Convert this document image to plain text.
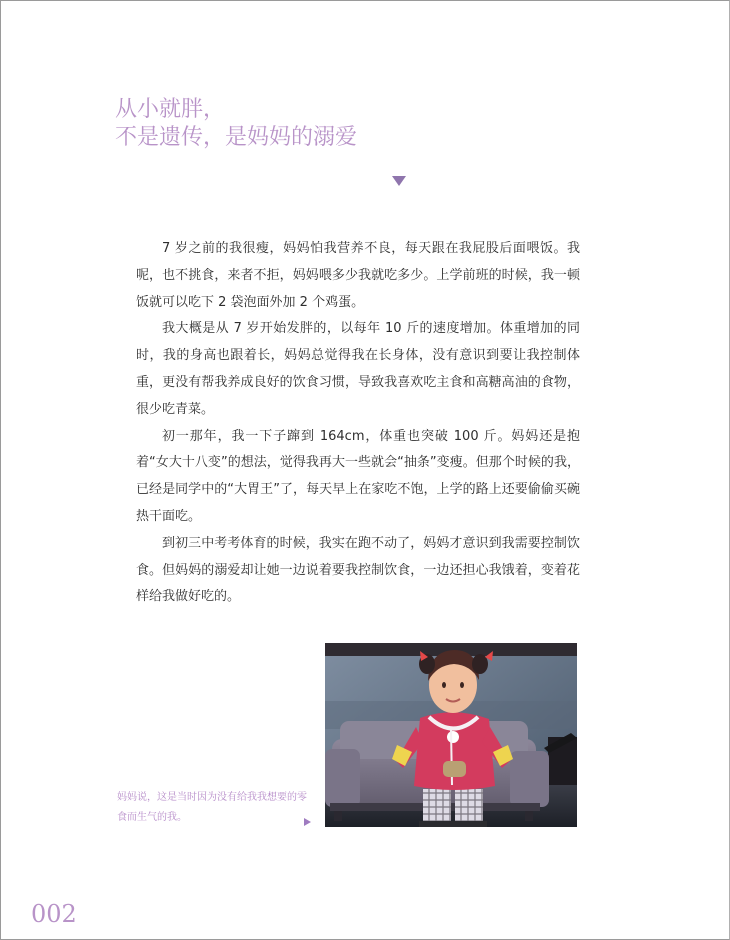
从小就胖，
不是遗传，是妈妈的溺爱

7 岁之前的我很瘦，妈妈怕我营养不良，每天跟在我屁股后面喂饭。我呢，也不挑食，来者不拒，妈妈喂多少我就吃多少。上学前班的时候，我一顿饭就可以吃下 2 袋泡面外加 2 个鸡蛋。

我大概是从 7 岁开始发胖的，以每年 10 斤的速度增加。体重增加的同时，我的身高也跟着长，妈妈总觉得我在长身体，没有意识到要让我控制体重，更没有帮我养成良好的饮食习惯，导致我喜欢吃主食和高糖高油的食物，很少吃青菜。

初一那年，我一下子蹿到 164cm，体重也突破 100 斤。妈妈还是抱着“女大十八变”的想法，觉得我再大一些就会“抽条”变瘦。但那个时候的我，已经是同学中的“大胃王”了，每天早上在家吃不饱，上学的路上还要偷偷买碗热干面吃。

到初三中考考体育的时候，我实在跑不动了，妈妈才意识到我需要控制饮食。但妈妈的溺爱却让她一边说着要我控制饮食，一边还担心我饿着，变着花样给我做好吃的。

妈妈说，这是当时因为没有给我我想要的零食而生气的我。

002
